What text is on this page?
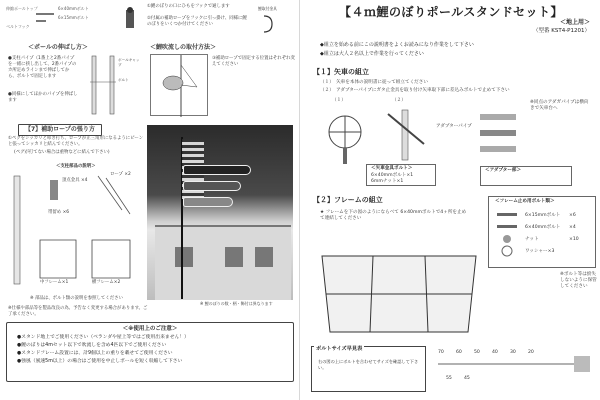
伸縮ポールトップ	6×40mmボルト
6×15mmボルト
ベルトフック
＜ポールの伸ばし方＞
●支柱パイプ（1番上と2番パイプを一緒に挟し出して、2番パイプのカ所定めラインまで伸ばしてから、ボルトで固定します
●同様にしてほかのパイプを伸ばします
ボールキャップ
ボルト
＜鯉吹流しの取付方法＞
①鯉のぼりの口にひもをフックで通します
②付属の補助ロープをフックに引っ掛け、同様に鯉のぼりをいくつか付けてください
鯉取付金具
③補助ロープで固定する位置はそれぞれ変えてください
【7】補助ロープの張り方
①ペグをシッカリと叩き打ち、ロープが正三角形になるようにピーンと張ってシッカリと結んでください。
(ペグが打てない場合は重物などに結んで下さい)
＜支柱部品の説明＞
頂点金具 ×4
ロープ ×2
帯留め ×6
中フレーム×1	横フレーム×2
※ 部品は、ボルト類の説明を参照してください
※仕様や部品等を製品改良の為、予告なく変更する場合があります。ご了承ください。
※ 鯉のぼりの数・柄・飾付は異なります
＜※使用上のご注意＞
●スタンド地上でご使用ください（ベランダや屋上等ではご使用出来ません！）
●鯉のぼりは4mセット以下で吹流しを含め4匹以下でご使用ください
●スタンドフレーム設置には、計9個以上の重りを載せてご使用ください
●強風（風速5m以上）の場合はご使用を中止しポールを短く収縮して下さい
【４ｍ鯉のぼりポールスタンドセット】
＜地上用＞
（型番 KST4-P1201）
◆組立を始める前にこの説明書をよくお読みになり作業をして下さい
◆組立は大人２名以上で作業を行ってください
【１】矢車の組立
（１）　矢車を本体の説明書に従って組立てください
（２）　アダプターパイプにガタ止金具を取り付け矢車取下部に差込みボルトで止めて下さい
（１）	（２）
アダプターパイプ
※同点のアダガパイプは横向きで矢車台へ
＜矢車金具ボルト＞
6×40mmボルト×1
6mmナット×1
＜アダプター部＞
【２】フレームの組立
★ フレームを下の図のようにならべて 6×40mmボルトで4ヶ所を止めて連結してください
＜フレーム止め用ボルト類＞
6×15mmボルト ×6
6×40mmボルト ×4
ナット	×10
ワッシャー×3
※ボルト等は紛失しないように保管してください
ボルトサイズ早見表
右の図の上にボルトを合わせてサイズを確認して下さい。
70	60	50	40	30	20
55	45
